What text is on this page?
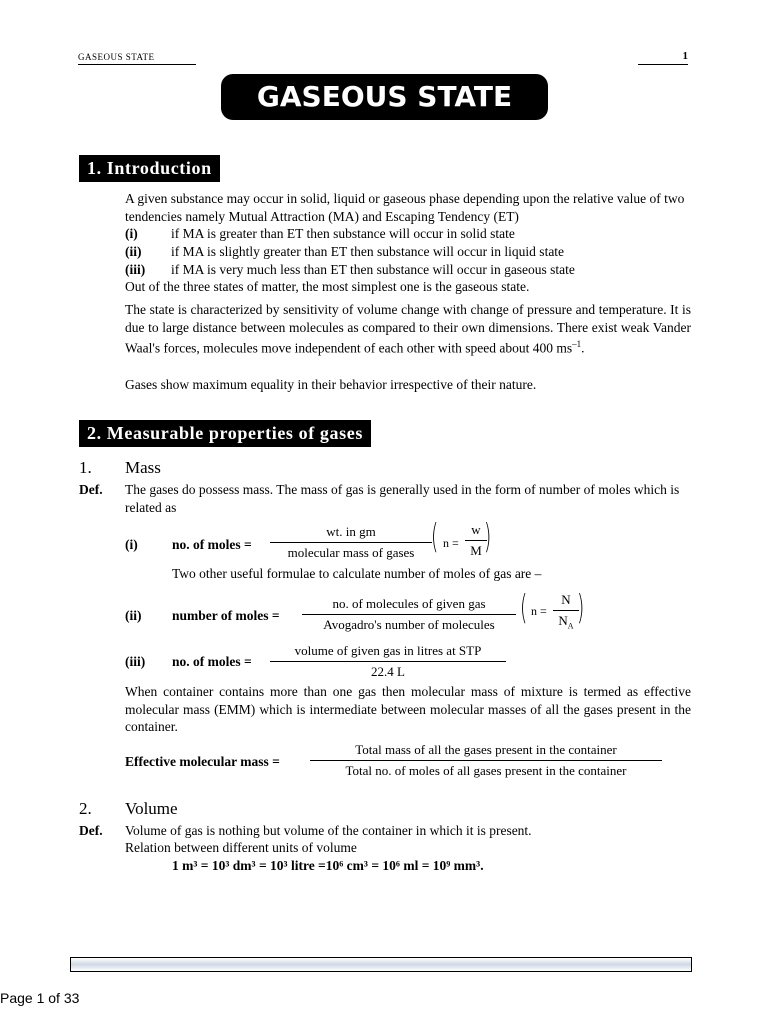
GASEOUS STATE	1
GASEOUS STATE
1. Introduction
A given substance may occur in solid, liquid or gaseous phase depending upon the relative value of two tendencies namely Mutual Attraction (MA) and Escaping Tendency (ET)
(i) if MA is greater than ET then substance will occur in solid state
(ii) if MA is slightly greater than ET then substance will occur in liquid state
(iii) if MA is very much less than ET then substance will occur in gaseous state
Out of the three states of matter, the most simplest one is the gaseous state.
The state is characterized by sensitivity of volume change with change of pressure and temperature. It is due to large distance between molecules as compared to their own dimensions. There exist weak Vander Waal's forces, molecules move independent of each other with speed about 400 $ms^{-1}$.
Gases show maximum equality in their behavior irrespective of their nature.
2. Measurable properties of gases
1. Mass
Def. The gases do possess mass. The mass of gas is generally used in the form of number of moles which is related as
(i)	no. of moles =
wt. in gm
molecular mass of gases ( $n = \frac{w}{M}$
)
Two other useful formulae to calculate number of moles of gas are –
(ii) number of moles =
no. of molecules of given gas
Avogadro's number of molecules ( $n = \frac{N}{N_A}$
)
(iii) no. of moles =
volume of given gas in litres at STP
22.4 L
When container contains more than one gas then molecular mass of mixture is termed as effective molecular mass (EMM) which is intermediate between molecular masses of all the gases present in the container.
Effective molecular mass =
Total mass of all the gases present in the container
Total no. of moles of all gases present in the container
2. Volume
Def. Volume of gas is nothing but volume of the container in which it is present.
Relation between different units of volume
1 m³ = 10³ dm³ = 10³ litre =10⁶ cm³ = 10⁶ ml = 10⁹ mm³.
Page 1 of 33
